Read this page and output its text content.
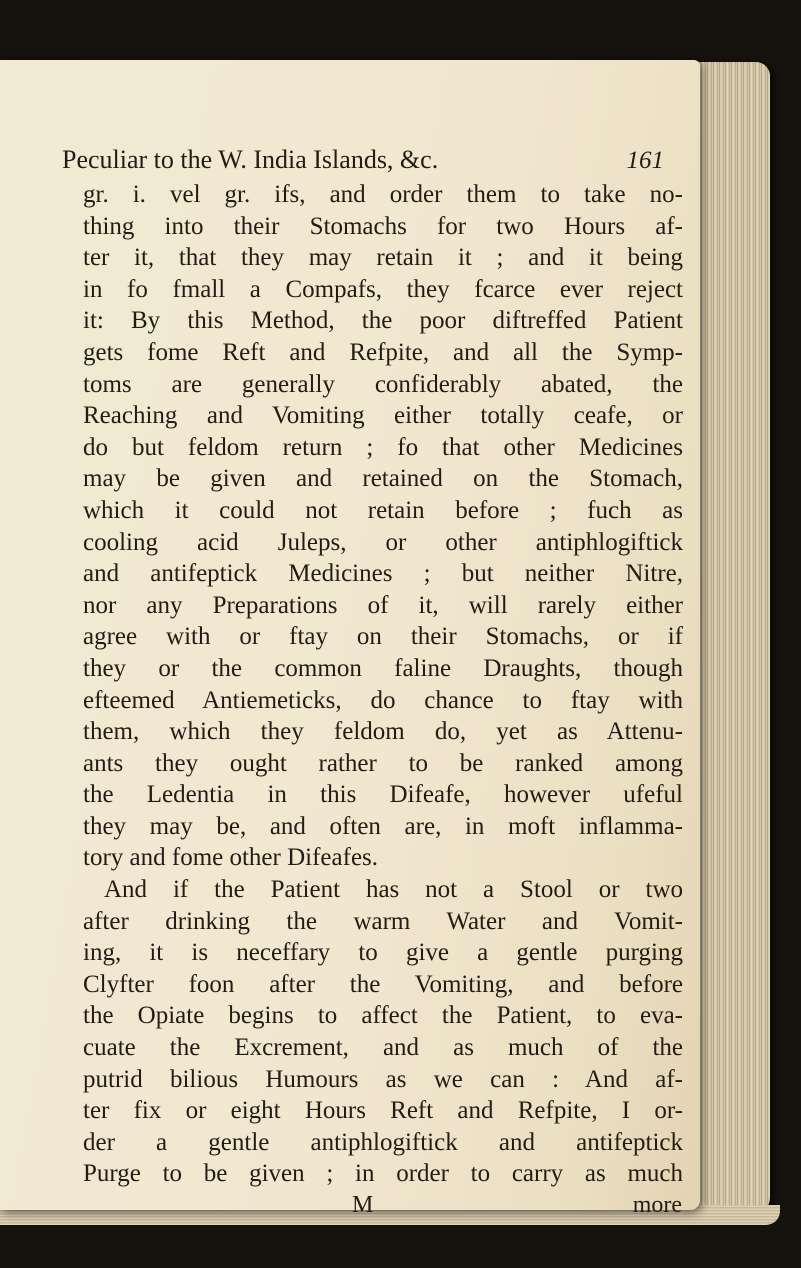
Peculiar to the W. India Islands, &c.	161
gr. i. vel gr. ifs, and order them to take no-
thing into their Stomachs for two Hours af-
ter it, that they may retain it ; and it being
in fo fmall a Compafs, they fcarce ever reject
it: By this Method, the poor diftreffed Patient
gets fome Reft and Refpite, and all the Symp-
toms are generally confiderably abated, the
Reaching and Vomiting either totally ceafe, or
do but feldom return ; fo that other Medicines
may be given and retained on the Stomach,
which it could not retain before ; fuch as
cooling acid Juleps, or other antiphlogiftick
and antifeptick Medicines ; but neither Nitre,
nor any Preparations of it, will rarely either
agree with or ftay on their Stomachs, or if
they or the common faline Draughts, though
efteemed Antiemeticks, do chance to ftay with
them, which they feldom do, yet as Attenu-
ants they ought rather to be ranked among
the Ledentia in this Difeafe, however ufeful
they may be, and often are, in moft inflamma-
tory and fome other Difeafes.
And if the Patient has not a Stool or two
after drinking the warm Water and Vomit-
ing, it is neceffary to give a gentle purging
Clyfter foon after the Vomiting, and before
the Opiate begins to affect the Patient, to eva-
cuate the Excrement, and as much of the
putrid bilious Humours as we can : And af-
ter fix or eight Hours Reft and Refpite, I or-
der a gentle antiphlogiftick and antifeptick
Purge to be given ; in order to carry as much
M	more
